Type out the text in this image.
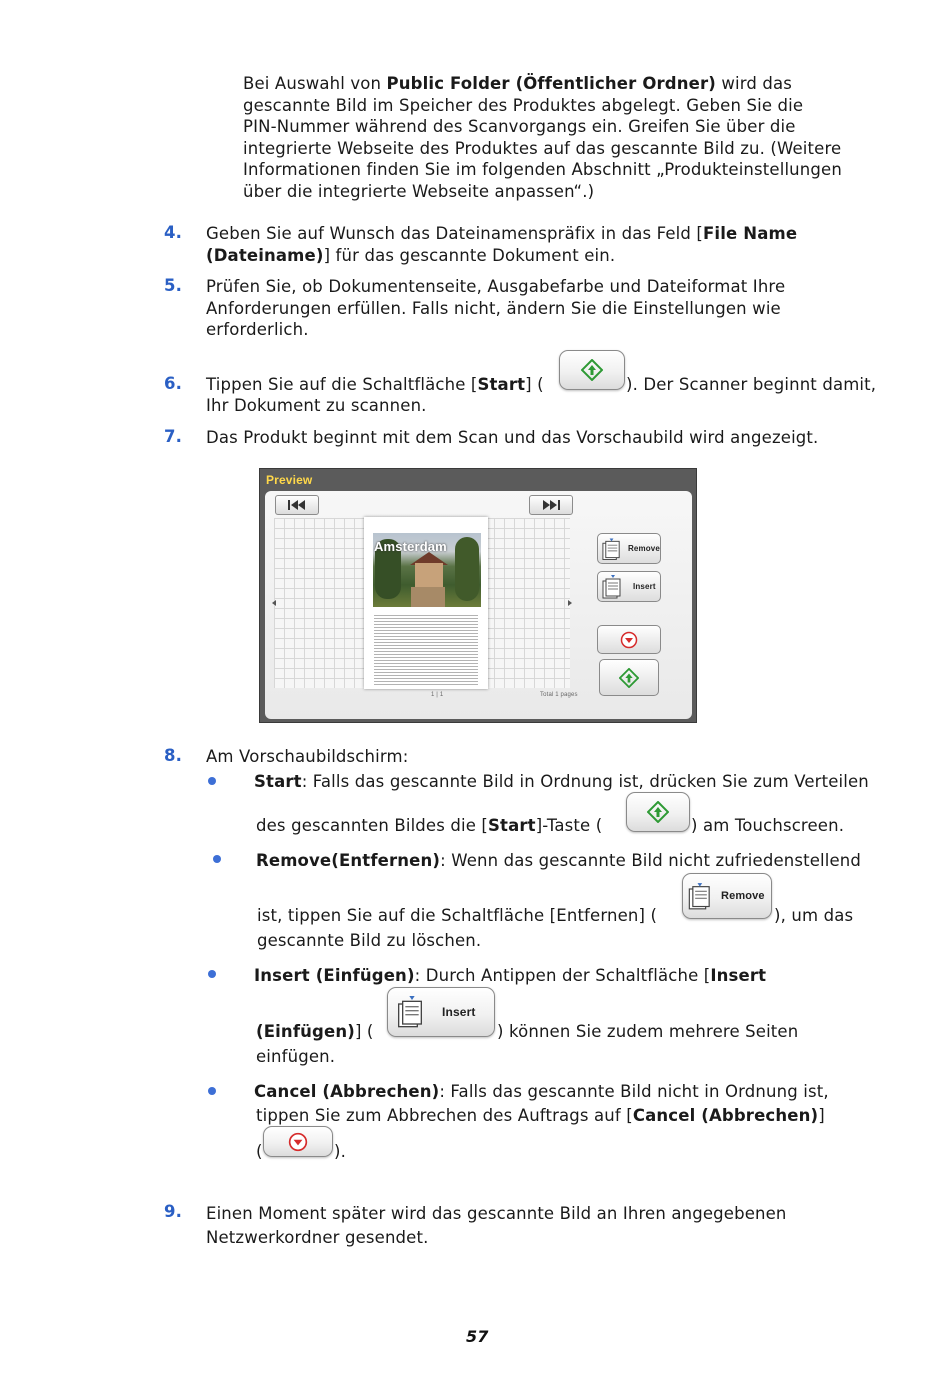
Bei Auswahl von Public Folder (Öffentlicher Ordner) wird das
gescannte Bild im Speicher des Produktes abgelegt. Geben Sie die
PIN-Nummer während des Scanvorgangs ein. Greifen Sie über die
integrierte Webseite des Produktes auf das gescannte Bild zu. (Weitere
Informationen finden Sie im folgenden Abschnitt „Produkteinstellungen
über die integrierte Webseite anpassen“.)
4. Geben Sie auf Wunsch das Dateinamenspräfix in das Feld [File Name
(Dateiname)] für das gescannte Dokument ein.
5. Prüfen Sie, ob Dokumentenseite, Ausgabefarbe und Dateiformat Ihre
Anforderungen erfüllen. Falls nicht, ändern Sie die Einstellungen wie
erforderlich.
6. Tippen Sie auf die Schaltfläche [Start] (	). Der Scanner beginnt damit,
Ihr Dokument zu scannen.
7. Das Produkt beginnt mit dem Scan und das Vorschaubild wird angezeigt.
Preview
Amsterdam
1 | 1	Total 1 pages
Remove
Insert
8. Am Vorschaubildschirm:
Start: Falls das gescannte Bild in Ordnung ist, drücken Sie zum Verteilen
des gescannten Bildes die [Start]-Taste (	) am Touchscreen.
Remove(Entfernen): Wenn das gescannte Bild nicht zufriedenstellend
ist, tippen Sie auf die Schaltfläche [Entfernen] (
Remove
), um das
gescannte Bild zu löschen.
Insert (Einfügen): Durch Antippen der Schaltfläche [Insert
(Einfügen)] (
Insert
) können Sie zudem mehrere Seiten
einfügen.
Cancel (Abbrechen): Falls das gescannte Bild nicht in Ordnung ist,
tippen Sie zum Abbrechen des Auftrags auf [Cancel (Abbrechen)]
(	).
9. Einen Moment später wird das gescannte Bild an Ihren angegebenen
Netzwerkordner gesendet.
57
